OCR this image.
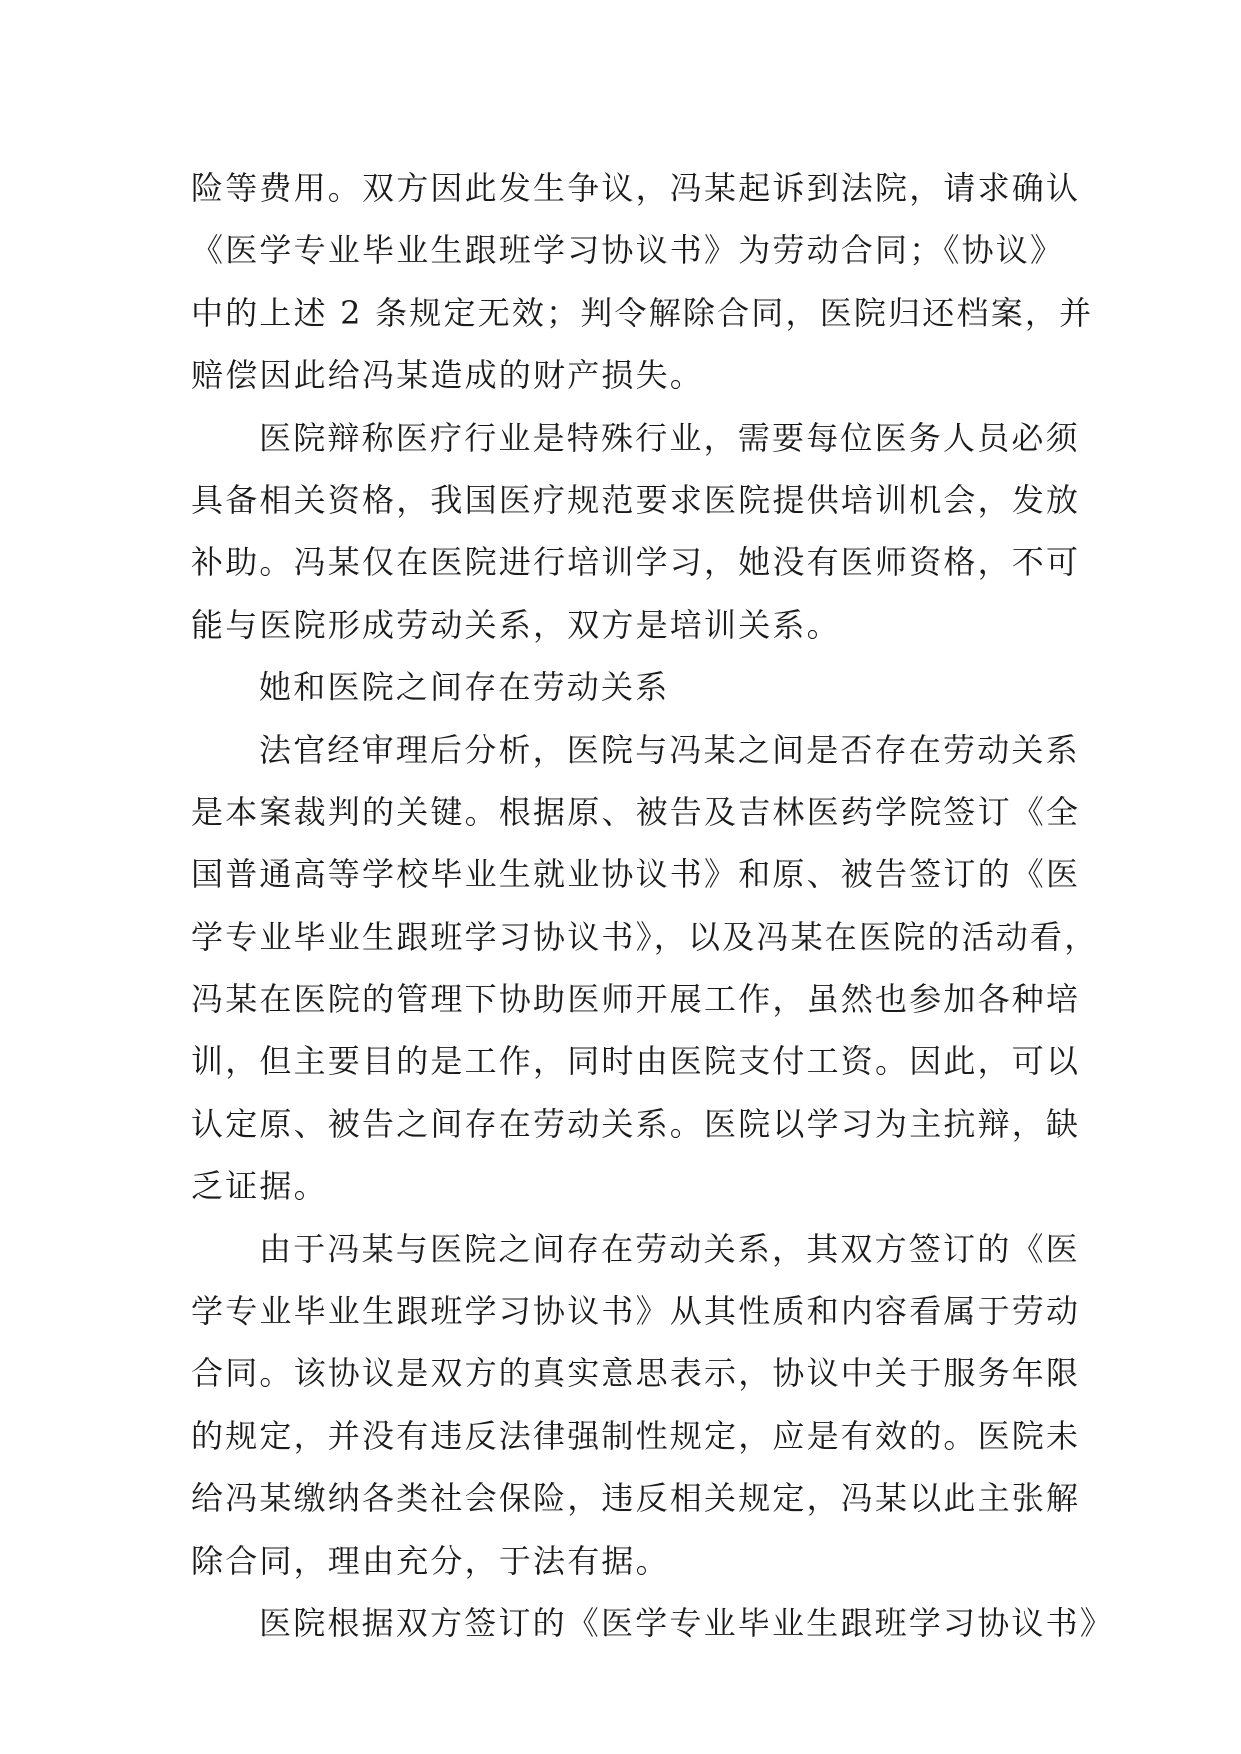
险等费用。双方因此发生争议，冯某起诉到法院，请求确认
《医学专业毕业生跟班学习协议书》为劳动合同；《协议》
中的上述 2 条规定无效；判令解除合同，医院归还档案，并
赔偿因此给冯某造成的财产损失。
医院辩称医疗行业是特殊行业，需要每位医务人员必须
具备相关资格，我国医疗规范要求医院提供培训机会，发放
补助。冯某仅在医院进行培训学习，她没有医师资格，不可
能与医院形成劳动关系，双方是培训关系。
她和医院之间存在劳动关系
法官经审理后分析，医院与冯某之间是否存在劳动关系
是本案裁判的关键。根据原、被告及吉林医药学院签订《全
国普通高等学校毕业生就业协议书》和原、被告签订的《医
学专业毕业生跟班学习协议书》，以及冯某在医院的活动看，
冯某在医院的管理下协助医师开展工作，虽然也参加各种培
训，但主要目的是工作，同时由医院支付工资。因此，可以
认定原、被告之间存在劳动关系。医院以学习为主抗辩，缺
乏证据。
由于冯某与医院之间存在劳动关系，其双方签订的《医
学专业毕业生跟班学习协议书》从其性质和内容看属于劳动
合同。该协议是双方的真实意思表示，协议中关于服务年限
的规定，并没有违反法律强制性规定，应是有效的。医院未
给冯某缴纳各类社会保险，违反相关规定，冯某以此主张解
除合同，理由充分，于法有据。
医院根据双方签订的《医学专业毕业生跟班学习协议书》
